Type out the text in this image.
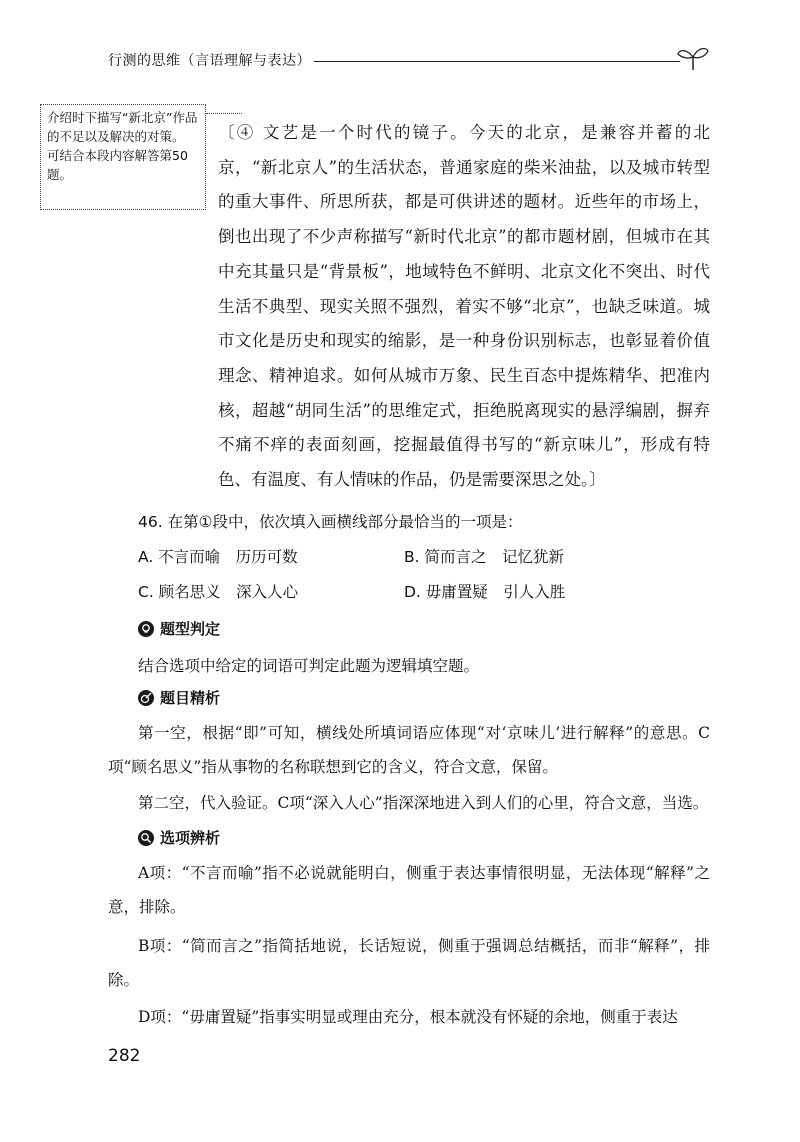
行测的思维（言语理解与表达）
介绍时下描写“新北京”作品的不足以及解决的对策。
可结合本段内容解答第50题。
〔④ 文艺是一个时代的镜子。今天的北京，是兼容并蓄的北京，“新北京人”的生活状态，普通家庭的柴米油盐，以及城市转型的重大事件、所思所获，都是可供讲述的题材。近些年的市场上，倒也出现了不少声称描写“新时代北京”的都市题材剧，但城市在其中充其量只是“背景板”，地域特色不鲜明、北京文化不突出、时代生活不典型、现实关照不强烈，着实不够“北京”，也缺乏味道。城市文化是历史和现实的缩影，是一种身份识别标志，也彰显着价值理念、精神追求。如何从城市万象、民生百态中提炼精华、把准内核，超越“胡同生活”的思维定式，拒绝脱离现实的悬浮编剧，摒弃不痛不痒的表面刻画，挖掘最值得书写的“新京味儿”，形成有特色、有温度、有人情味的作品，仍是需要深思之处。〕
46. 在第①段中，依次填入画横线部分最恰当的一项是：
A. 不言而喻　历历可数	B. 简而言之　记忆犹新
C. 顾名思义　深入人心	D. 毋庸置疑　引人入胜
题型判定
结合选项中给定的词语可判定此题为逻辑填空题。
题目精析
第一空，根据“即”可知，横线处所填词语应体现“对‘京味儿’进行解释”的意思。C项“顾名思义”指从事物的名称联想到它的含义，符合文意，保留。
第二空，代入验证。C项“深入人心”指深深地进入到人们的心里，符合文意，当选。
选项辨析
A项：“不言而喻”指不必说就能明白，侧重于表达事情很明显，无法体现“解释”之意，排除。
B项：“简而言之”指简括地说，长话短说，侧重于强调总结概括，而非“解释”，排除。
D项：“毋庸置疑”指事实明显或理由充分，根本就没有怀疑的余地，侧重于表达
282
